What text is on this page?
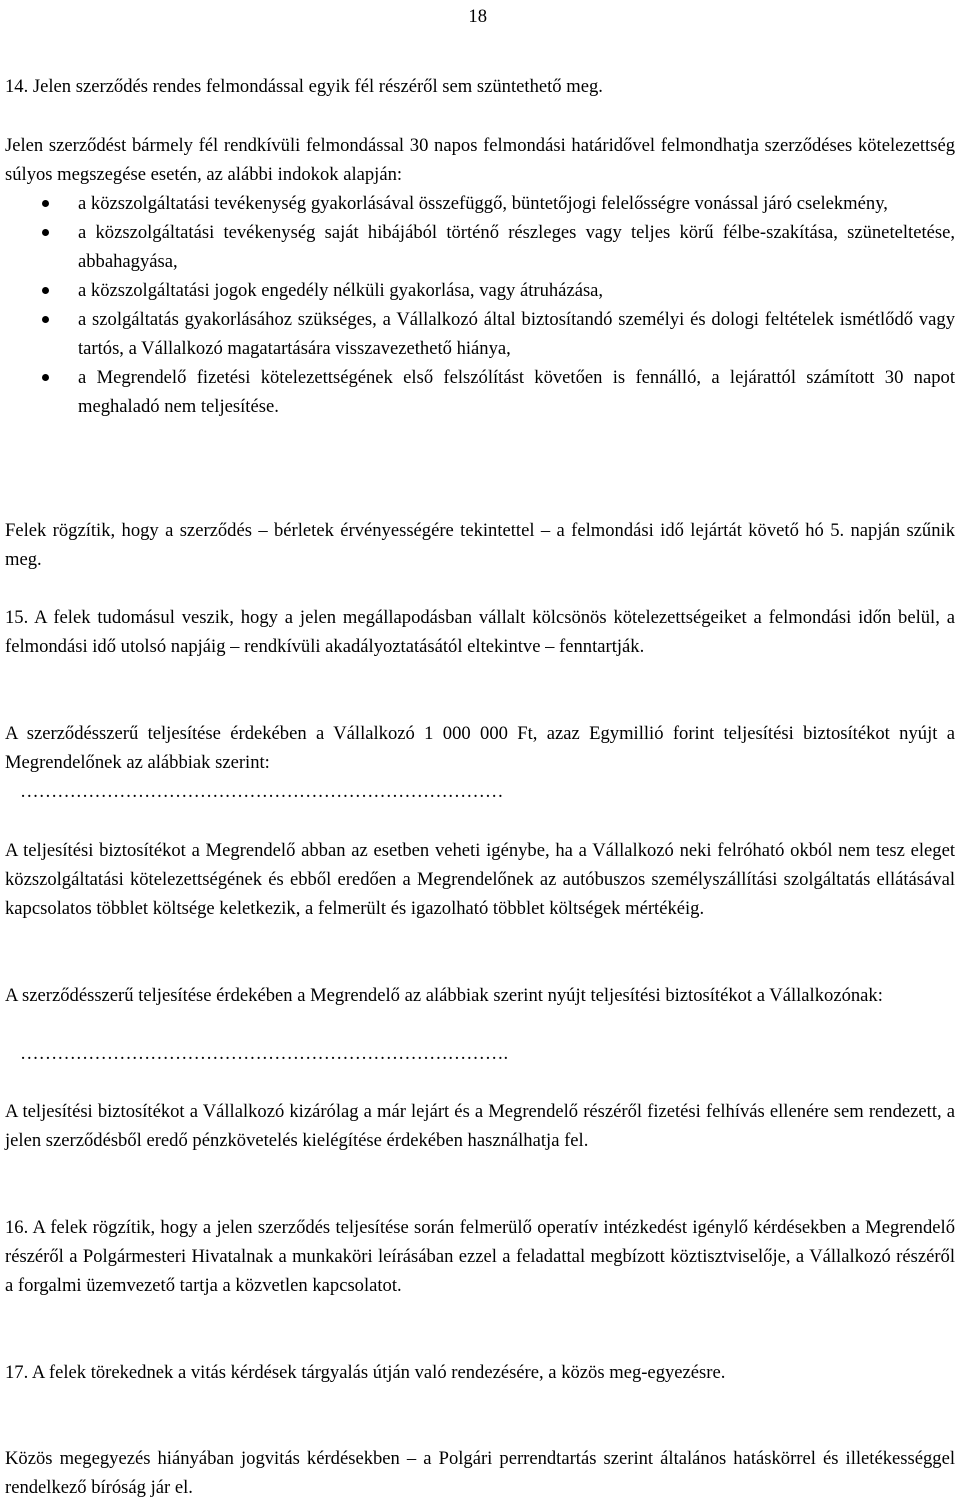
18

14. Jelen szerződés rendes felmondással egyik fél részéről sem szüntethető meg.

Jelen szerződést bármely fél rendkívüli felmondással 30 napos felmondási határidővel felmondhatja szerződéses kötelezettség súlyos megszegése esetén, az alábbi indokok alapján:

a közszolgáltatási tevékenység gyakorlásával összefüggő, büntetőjogi felelősségre vonással járó cselekmény,
a közszolgáltatási tevékenység saját hibájából történő részleges vagy teljes körű félbe-szakítása, szüneteltetése, abbahagyása,
a közszolgáltatási jogok engedély nélküli gyakorlása, vagy átruházása,
a szolgáltatás gyakorlásához szükséges, a Vállalkozó által biztosítandó személyi és dologi feltételek ismétlődő vagy tartós, a Vállalkozó magatartására visszavezethető hiánya,
a Megrendelő fizetési kötelezettségének első felszólítást követően is fennálló, a lejárattól számított 30 napot meghaladó nem teljesítése.

Felek rögzítik, hogy a szerződés – bérletek érvényességére tekintettel – a felmondási idő lejártát követő hó 5. napján szűnik meg.

15. A felek tudomásul veszik, hogy a jelen megállapodásban vállalt kölcsönös kötelezettségeiket a felmondási időn belül, a felmondási idő utolsó napjáig – rendkívüli akadályoztatásától eltekintve – fenntartják.

A szerződésszerű teljesítése érdekében a Vállalkozó 1 000 000 Ft, azaz Egymillió forint teljesítési biztosítékot nyújt a Megrendelőnek az alábbiak szerint:

……………………………………………………………………

A teljesítési biztosítékot a Megrendelő abban az esetben veheti igénybe, ha a Vállalkozó neki felróható okból nem tesz eleget közszolgáltatási kötelezettségének és ebből eredően a Megrendelőnek az autóbuszos személyszállítási szolgáltatás ellátásával kapcsolatos többlet költsége keletkezik, a felmerült és igazolható többlet költségek mértékéig.

A szerződésszerű teljesítése érdekében a Megrendelő az alábbiak szerint nyújt teljesítési biztosítékot a Vállalkozónak:

…………………………………………………………………….

A teljesítési biztosítékot a Vállalkozó kizárólag a már lejárt és a Megrendelő részéről fizetési felhívás ellenére sem rendezett, a jelen szerződésből eredő pénzkövetelés kielégítése érdekében használhatja fel.

16. A felek rögzítik, hogy a jelen szerződés teljesítése során felmerülő operatív intézkedést igénylő kérdésekben a Megrendelő részéről a Polgármesteri Hivatalnak a munkaköri leírásában ezzel a feladattal megbízott köztisztviselője, a Vállalkozó részéről a forgalmi üzemvezető tartja a közvetlen kapcsolatot.

17. A felek törekednek a vitás kérdések tárgyalás útján való rendezésére, a közös meg-egyezésre.

Közös megegyezés hiányában jogvitás kérdésekben – a Polgári perrendtartás szerint általános hatáskörrel és illetékességgel rendelkező bíróság jár el.
